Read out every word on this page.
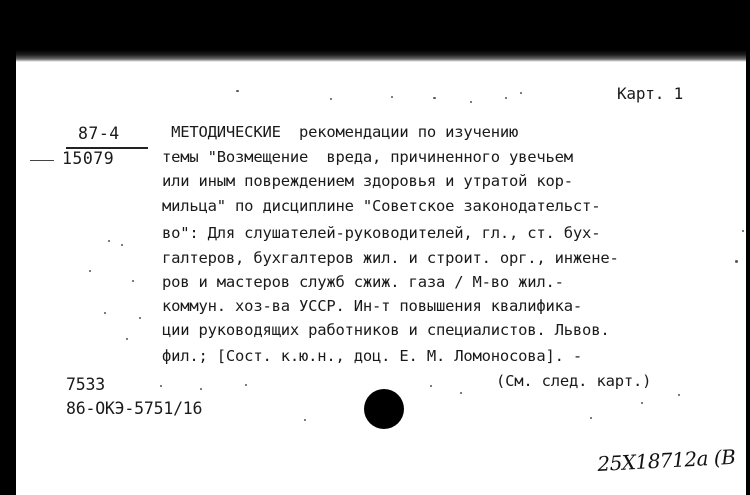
Карт. 1
87-4
15079
МЕТОДИЧЕСКИЕ  рекомендации по изучению
темы "Возмещение  вреда, причиненного увечьем
или иным повреждением здоровья и утратой кор-
мильца" по дисциплине "Советское законодательст-
во": Для слушателей-руководителей, гл., ст. бух-
галтеров, бухгалтеров жил. и строит. орг., инжене-
ров и мастеров служб сжиж. газа / М-во жил.-
коммун. хоз-ва УССР. Ин-т повышения квалифика-
ции руководящих работников и специалистов. Львов.
фил.; [Сост. к.ю.н., доц. Е. М. Ломоносова]. -
(См. след. карт.)
7533
86-ОКЭ-5751/16
25X18712a (B
